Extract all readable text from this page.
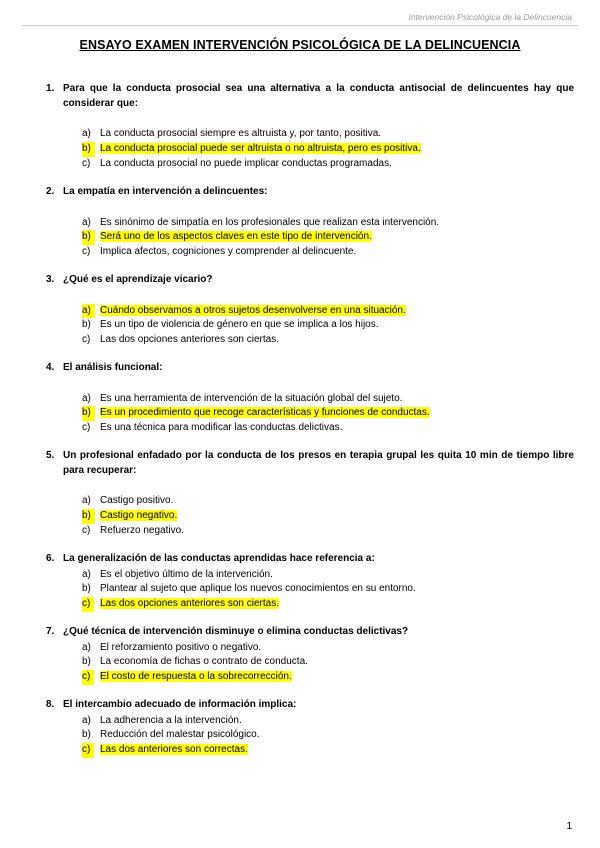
Intervención Psicológica de la Delincuencia
ENSAYO EXAMEN INTERVENCIÓN PSICOLÓGICA DE LA DELINCUENCIA
1. Para que la conducta prosocial sea una alternativa a la conducta antisocial de delincuentes hay que considerar que:
a) La conducta prosocial siempre es altruista y, por tanto, positiva.
b) La conducta prosocial puede ser altruista o no altruista, pero es positiva.
c) La conducta prosocial no puede implicar conductas programadas.
2. La empatía en intervención a delincuentes:
a) Es sinónimo de simpatía en los profesionales que realizan esta intervención.
b) Será uno de los aspectos claves en este tipo de intervención.
c) Implica afectos, cogniciones y comprender al delincuente.
3. ¿Qué es el aprendizaje vicario?
a) Cuándo observamos a otros sujetos desenvolverse en una situación.
b) Es un tipo de violencia de género en que se implica a los hijos.
c) Las dos opciones anteriores son ciertas.
4. El análisis funcional:
a) Es una herramienta de intervención de la situación global del sujeto.
b) Es un procedimiento que recoge características y funciones de conductas.
c) Es una técnica para modificar las conductas delictivas.
5. Un profesional enfadado por la conducta de los presos en terapia grupal les quita 10 min de tiempo libre para recuperar:
a) Castigo positivo.
b) Castigo negativo.
c) Refuerzo negativo.
6. La generalización de las conductas aprendidas hace referencia a:
a) Es el objetivo último de la intervención.
b) Plantear al sujeto que aplique los nuevos conocimientos en su entorno.
c) Las dos opciones anteriores son ciertas.
7. ¿Qué técnica de intervención disminuye o elimina conductas delictivas?
a) El reforzamiento positivo o negativo.
b) La economía de fichas o contrato de conducta.
c) El costo de respuesta o la sobrecorrección.
8. El intercambio adecuado de información implica:
a) La adherencia a la intervención.
b) Reducción del malestar psicológico.
c) Las dos anteriores son correctas.
1
